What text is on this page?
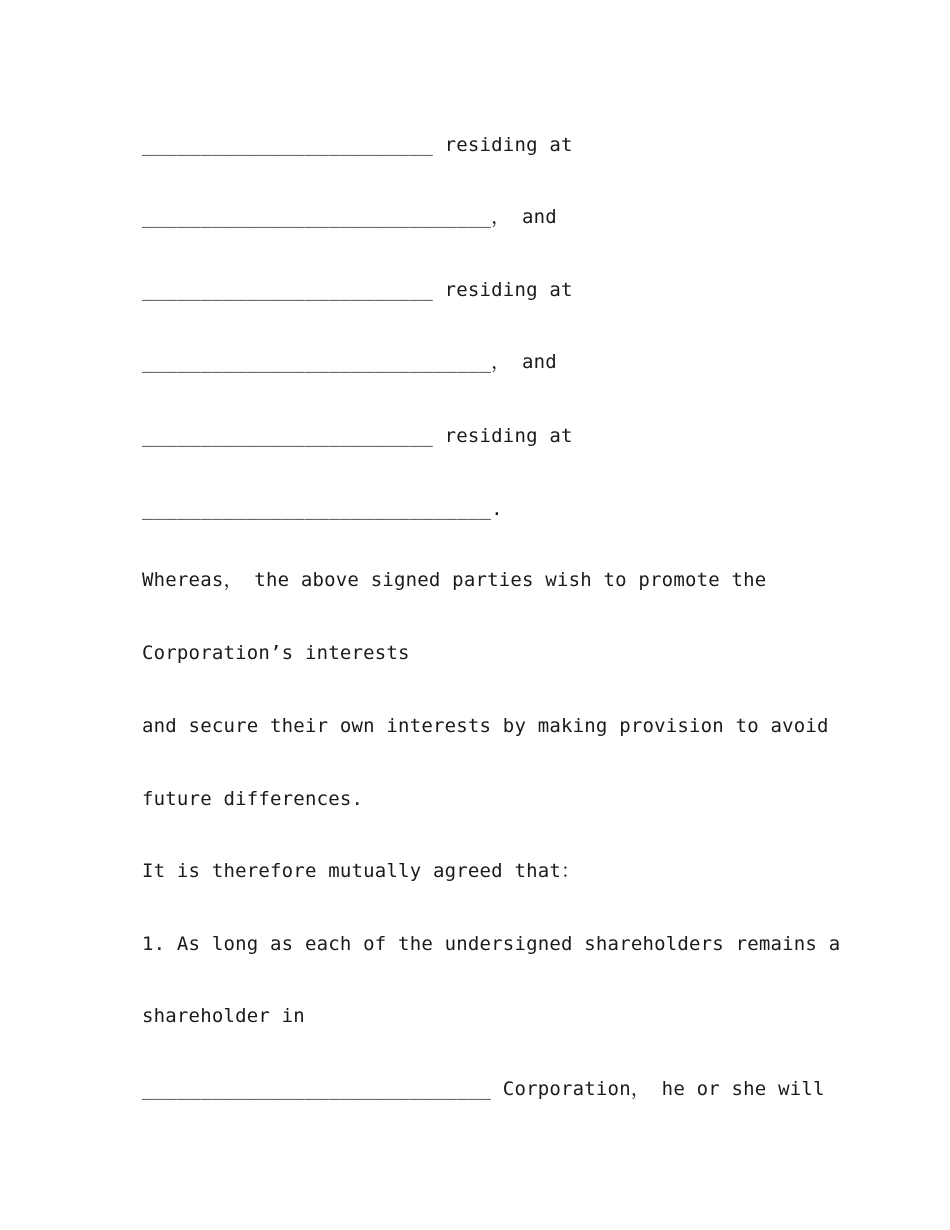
_________________________ residing at
______________________________， and
_________________________ residing at
______________________________， and
_________________________ residing at
______________________________.
Whereas， the above signed parties wish to promote the
Corporation’s interests
and secure their own interests by making provision to avoid
future differences.
It is therefore mutually agreed that：
1. As long as each of the undersigned shareholders remains a
shareholder in
______________________________ Corporation， he or she will
